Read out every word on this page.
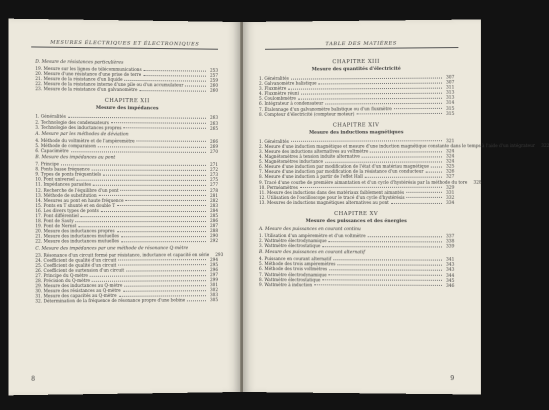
MESURES ÉLECTRIQUES ET ÉLECTRONIQUES
D. Mesure de résistances particulières
19. Mesure sur les lignes de télécommunications	253
20. Mesure d'une résistance d'une prise de terre	257
21. Mesure de la résistance d'un liquide	259
22. Mesure de la résistance interne d'une pile ou d'un accumulateur	260
23. Mesure de la résistance d'un galvanomètre	260
CHAPITRE XII
Mesure des impédances
1. Généralités	263
2. Technologie des condensateurs	263
3. Technologie des inductances propres	265
A. Mesure par les méthodes de déviation
4. Méthode du voltmètre et de l'ampèremètre	266
5. Méthode de comparaison	269
6. Capacimètre	270
B. Mesure des impédances au pont
7. Principe	271
8. Ponts basse fréquence	272
9. Types de ponts fréquentiels	273
10. Pont universel	275
11. Impédances parasites	277
12. Recherche de l'équilibre d'un pont	278
13. Méthode de substitution	281
14. Mesures au pont en haute fréquence	282
15. Ponts en T shunté et en double T	283
16. Les divers types de ponts	284
17. Pont différentiel	285
18. Pont de Sauty	286
19. Pont de Nernst	287
20. Mesure des inductances propres	288
21. Mesure des inductances mutuelles	290
22. Mesure des inductances mutuelles	292
C. Mesure des impédances par une méthode de résonance Q-mètre
23. Résonance d'un circuit formé par résistance, inductance et capacité en série	293
24. Coefficient de qualité d'un circuit	294
25. Coefficient de qualité d'un circuit	295
26. Coefficient de surtension d'un circuit	296
27. Principe du Q-mètre	297
28. Précision du Q-mètre	299
29. Mesure des inductances au Q-mètre	301
30. Mesure des résistances au Q-mètre	302
31. Mesure des capacités au Q-mètre	303
32. Détermination de la fréquence de résonance propre d'une bobine	305
8
TABLE DES MATIÈRES
CHAPITRE XIII
Mesure des quantités d'électricité
1. Généralités	307
2. Galvanomètre balistique	307
3. Fluxmètre	311
4. Fluxmètre réuni	313
5. Coulombmètre	313
6. Intégrateur à condensateur	314
7. Étalonnage d'un galvanomètre balistique ou d'un fluxmètre	315
8. Compteur d'électricité (compteur moteur)	315
CHAPITRE XIV
Mesure des inductions magnétiques
1. Généralités	321
2. Mesure d'une induction magnétique et mesure d'une induction magnétique constante dans le temps à l'aide d'un intégrateur	322
3. Mesure des inductions alternatives au voltmètre	324
4. Magnétomètres à tension induite alternative	324
5. Magnétomètres inductance	324
6. Mesure d'une induction par modification de l'état d'un matériau magnétique	325
7. Mesure d'une induction par modification de la résistance d'un conducteur	326
8. Mesure d'une induction à partir de l'effet Hall	327
9. Tracé d'une courbe de première aimantation et d'un cycle d'hystérésis par la méthode du tore	328
10. Perméamètres	329
11. Mesure des inductions dans des matériaux faiblement aimantés	331
12. Utilisation de l'oscilloscope pour le tracé d'un cycle d'hystérésis	332
13. Mesures de inductions magnétiques alternatives au pont	334
CHAPITRE XV
Mesure des puissances et des énergies
A. Mesure des puissances en courant continu
1. Utilisation d'un ampèremètre et d'un voltmètre	337
2. Wattmètre électrodynamique	338
3. Wattmètre électrostatique	339
B. Mesure des puissances en courant alternatif
4. Puissance en courant alternatif	341
5. Méthode des trois ampèremètres	343
6. Méthode des trois voltmètres	343
7. Wattmètre électrodynamique	344
8. Wattmètre électrostatique	345
9. Wattmètre à induction	346
9
